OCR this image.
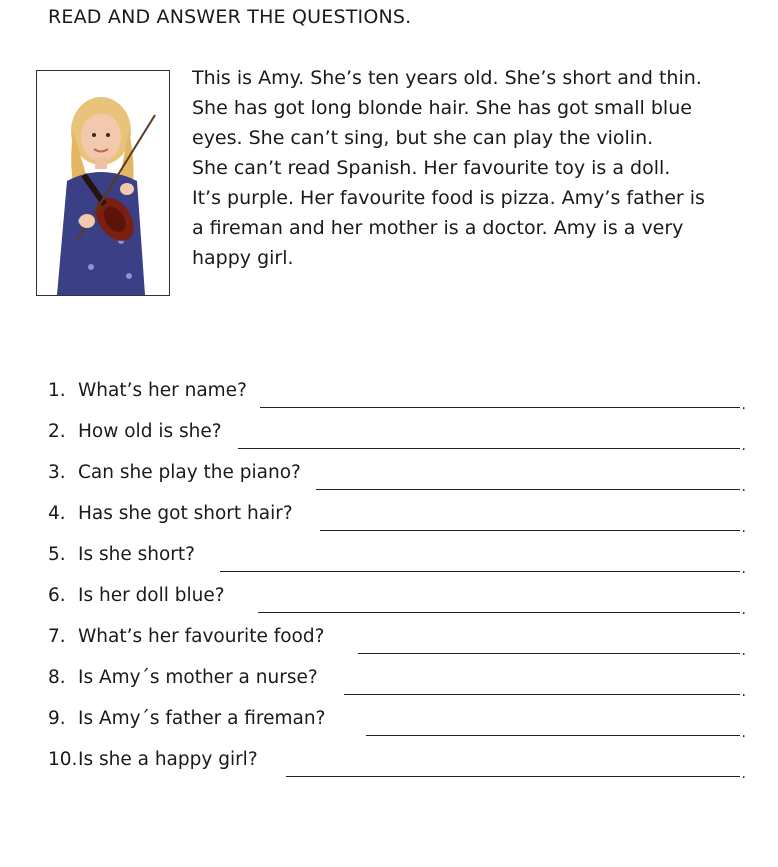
READ AND ANSWER THE QUESTIONS.
This is Amy. She’s ten years old. She’s short and thin.
She has got long blonde hair. She has got small blue
eyes. She can’t sing, but she can play the violin.
She can’t read Spanish. Her favourite toy is a doll.
It’s purple. Her favourite food is pizza. Amy’s father is
a fireman and her mother is a doctor. Amy is a very
happy girl.
1. What’s her name?
.
2. How old is she?
.
3. Can she play the piano?
.
4. Has she got short hair?
.
5. Is she short?
.
6. Is her doll blue?
.
7. What’s her favourite food?
.
8. Is Amy´s mother a nurse?
.
9. Is Amy´s father a fireman?
.
10. Is she a happy girl?
.
